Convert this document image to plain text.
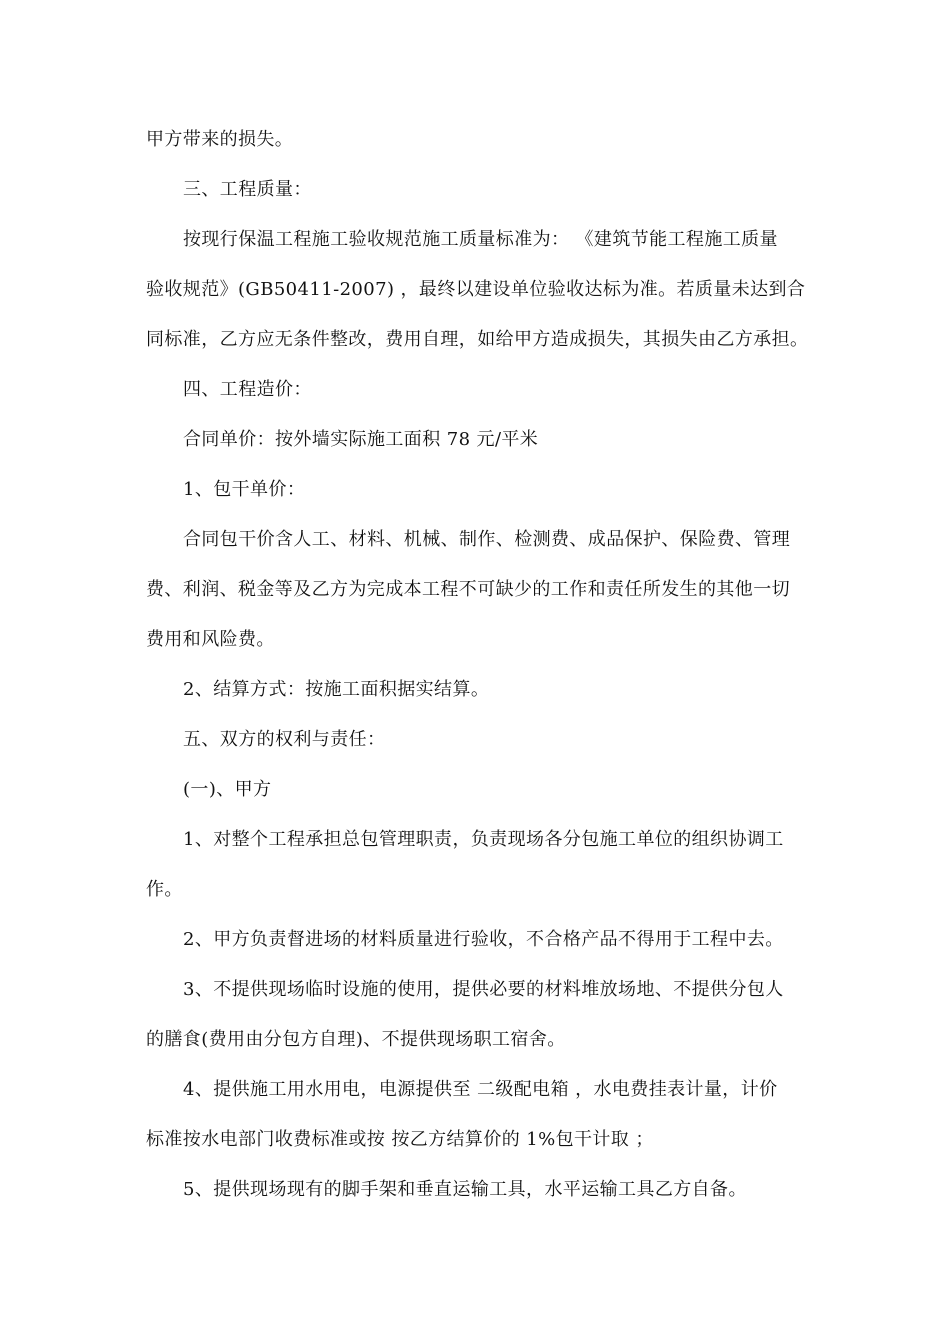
甲方带来的损失。
三、工程质量：
按现行保温工程施工验收规范施工质量标准为： 《建筑节能工程施工质量
验收规范》(GB50411-2007) ，最终以建设单位验收达标为准。若质量未达到合
同标准，乙方应无条件整改，费用自理，如给甲方造成损失，其损失由乙方承担。
四、工程造价：
合同单价：按外墙实际施工面积 78 元/平米
1、包干单价：
合同包干价含人工、材料、机械、制作、检测费、成品保护、保险费、管理
费、利润、税金等及乙方为完成本工程不可缺少的工作和责任所发生的其他一切
费用和风险费。
2、结算方式：按施工面积据实结算。
五、双方的权利与责任：
(一)、甲方
1、对整个工程承担总包管理职责，负责现场各分包施工单位的组织协调工
作。
2、甲方负责督进场的材料质量进行验收，不合格产品不得用于工程中去。
3、不提供现场临时设施的使用，提供必要的材料堆放场地、不提供分包人
的膳食(费用由分包方自理)、不提供现场职工宿舍。
4、提供施工用水用电，电源提供至 二级配电箱 ，水电费挂表计量，计价
标准按水电部门收费标准或按 按乙方结算价的 1%包干计取 ；
5、提供现场现有的脚手架和垂直运输工具，水平运输工具乙方自备。
